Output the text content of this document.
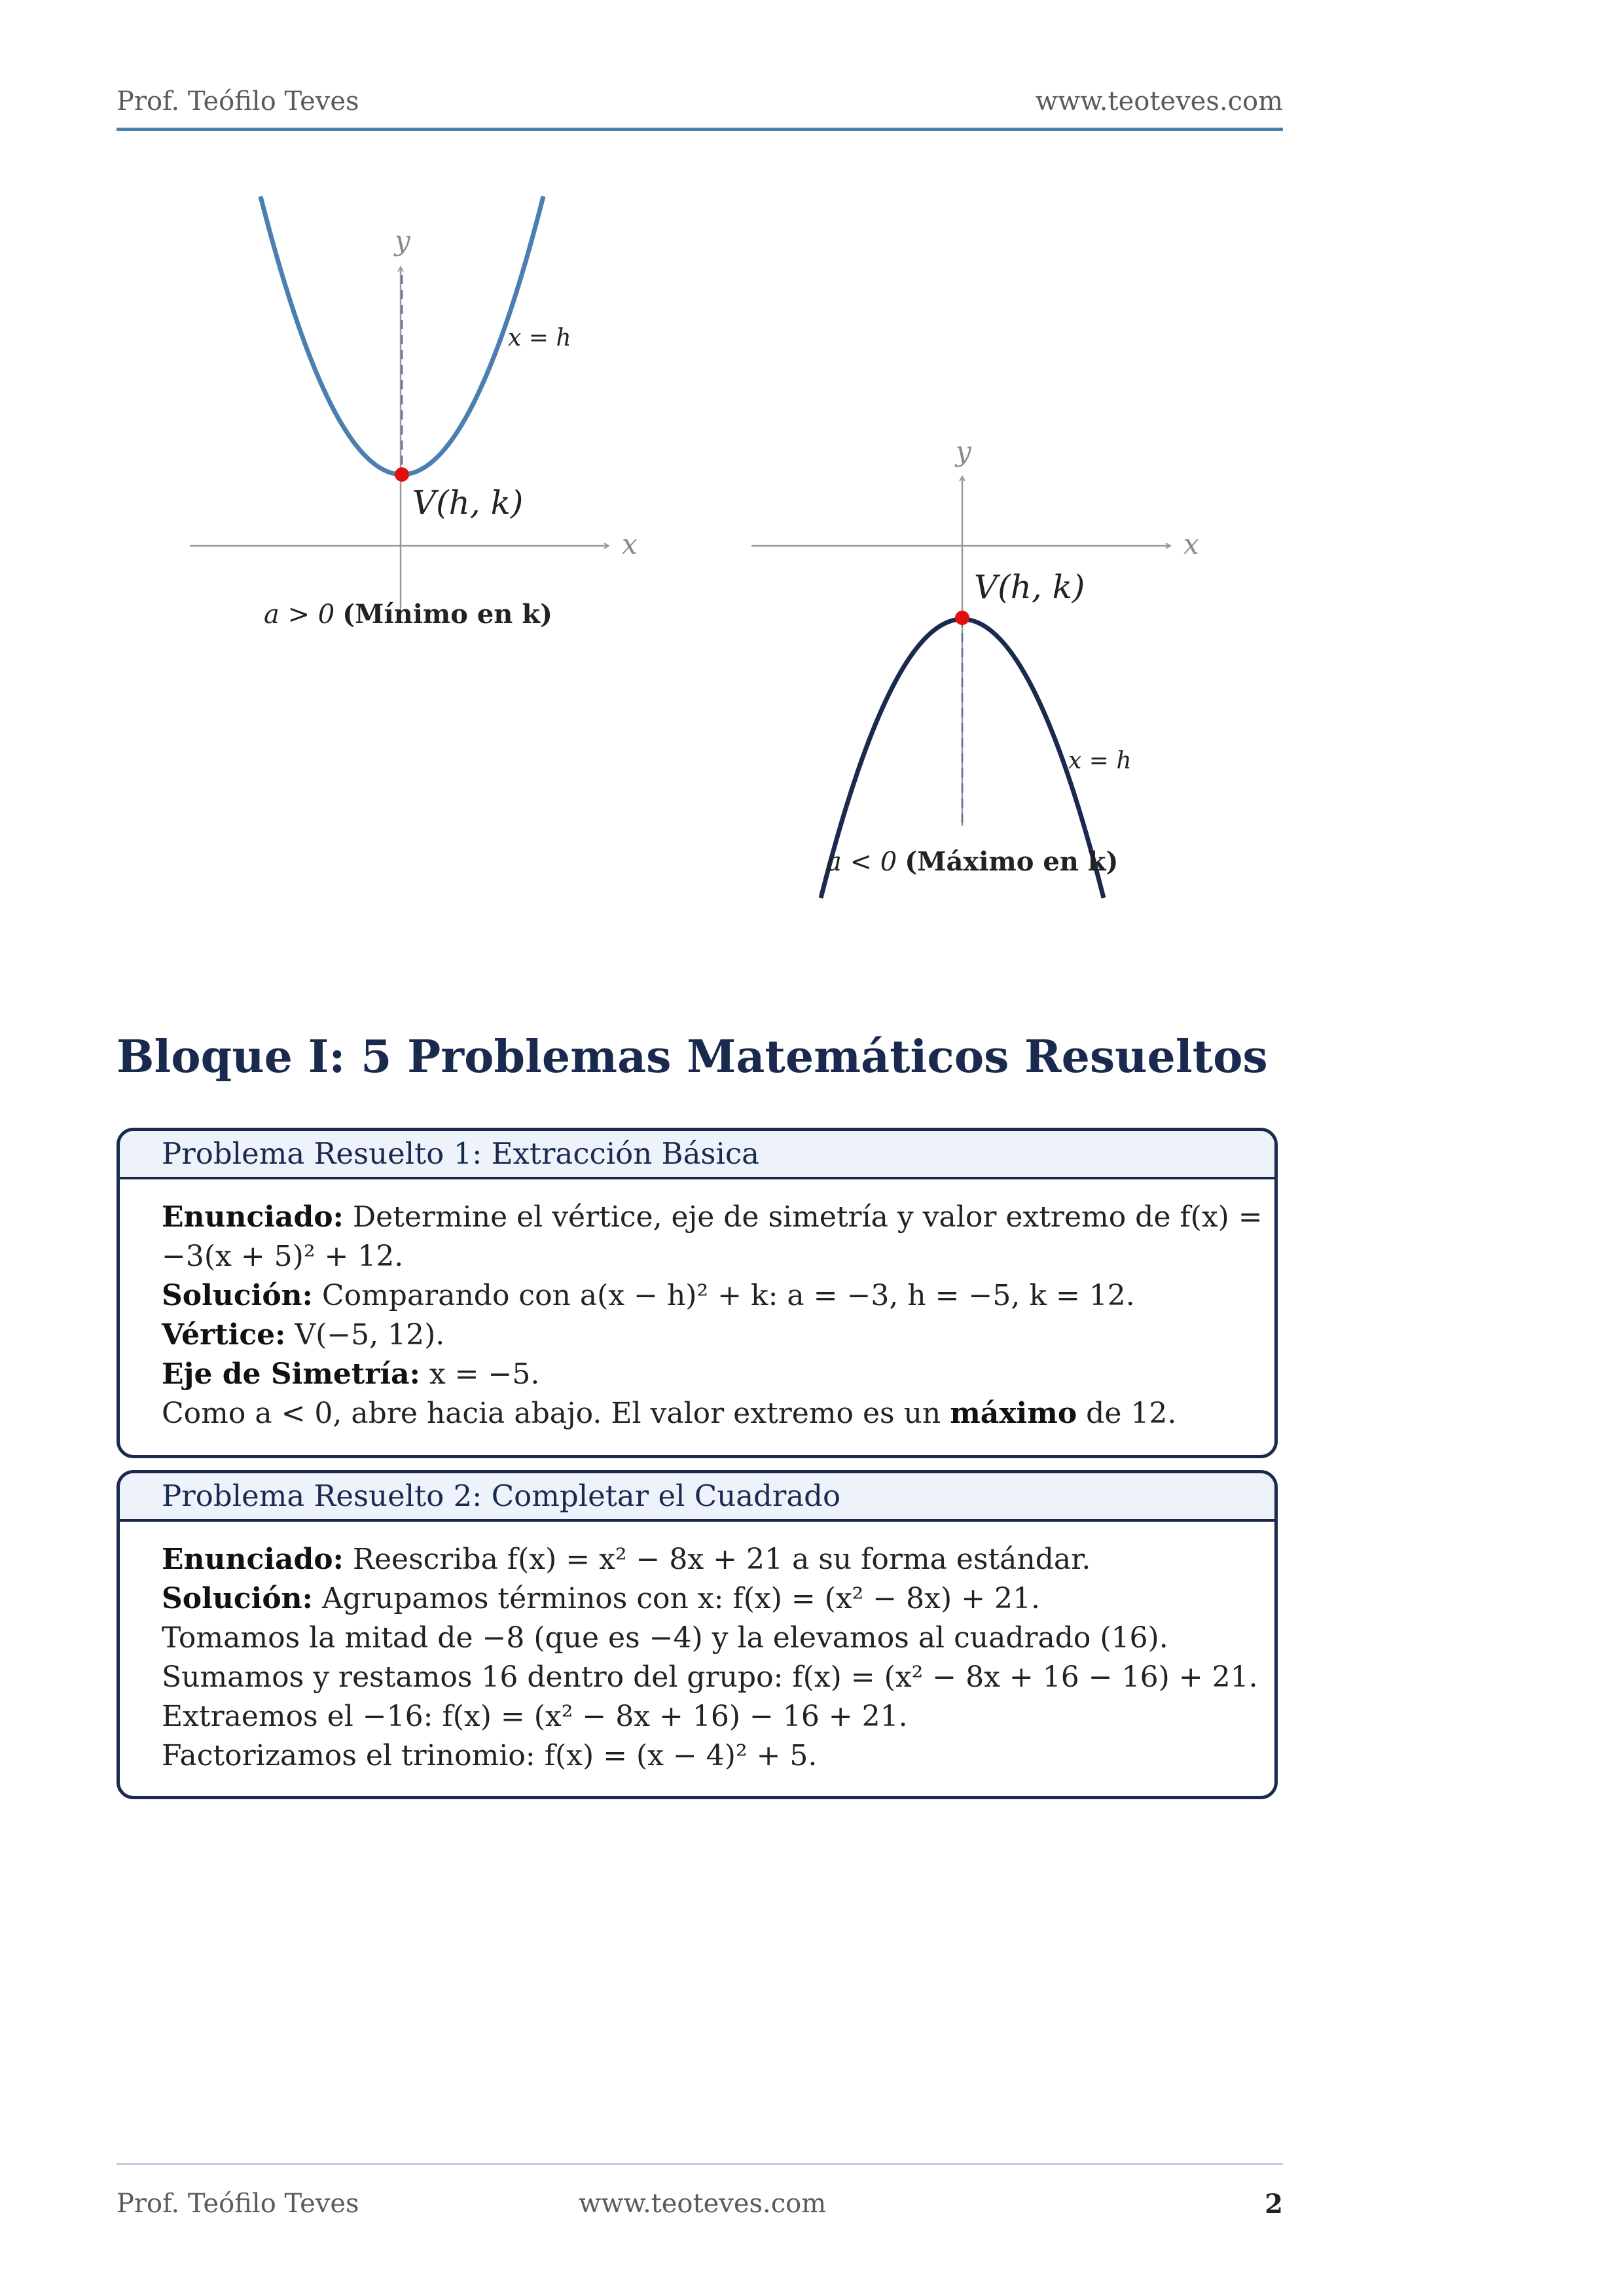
Prof. Teófilo Teves	www.teoteves.com
y
x
V(h, k)
x = h
a > 0 (Mínimo en k)
y
x
V(h, k)
x = h
a < 0 (Máximo en k)
Bloque I: 5 Problemas Matemáticos Resueltos
Problema Resuelto 1: Extracción Básica
Enunciado: Determine el vértice, eje de simetría y valor extremo de f(x) =
−3(x + 5)² + 12.
Solución: Comparando con a(x − h)² + k: a = −3, h = −5, k = 12.
Vértice: V(−5, 12).
Eje de Simetría: x = −5.
Como a < 0, abre hacia abajo. El valor extremo es un máximo de 12.
Problema Resuelto 2: Completar el Cuadrado
Enunciado: Reescriba f(x) = x² − 8x + 21 a su forma estándar.
Solución: Agrupamos términos con x: f(x) = (x² − 8x) + 21.
Tomamos la mitad de −8 (que es −4) y la elevamos al cuadrado (16).
Sumamos y restamos 16 dentro del grupo: f(x) = (x² − 8x + 16 − 16) + 21.
Extraemos el −16: f(x) = (x² − 8x + 16) − 16 + 21.
Factorizamos el trinomio: f(x) = (x − 4)² + 5.
Prof. Teófilo Teves	www.teoteves.com	2
